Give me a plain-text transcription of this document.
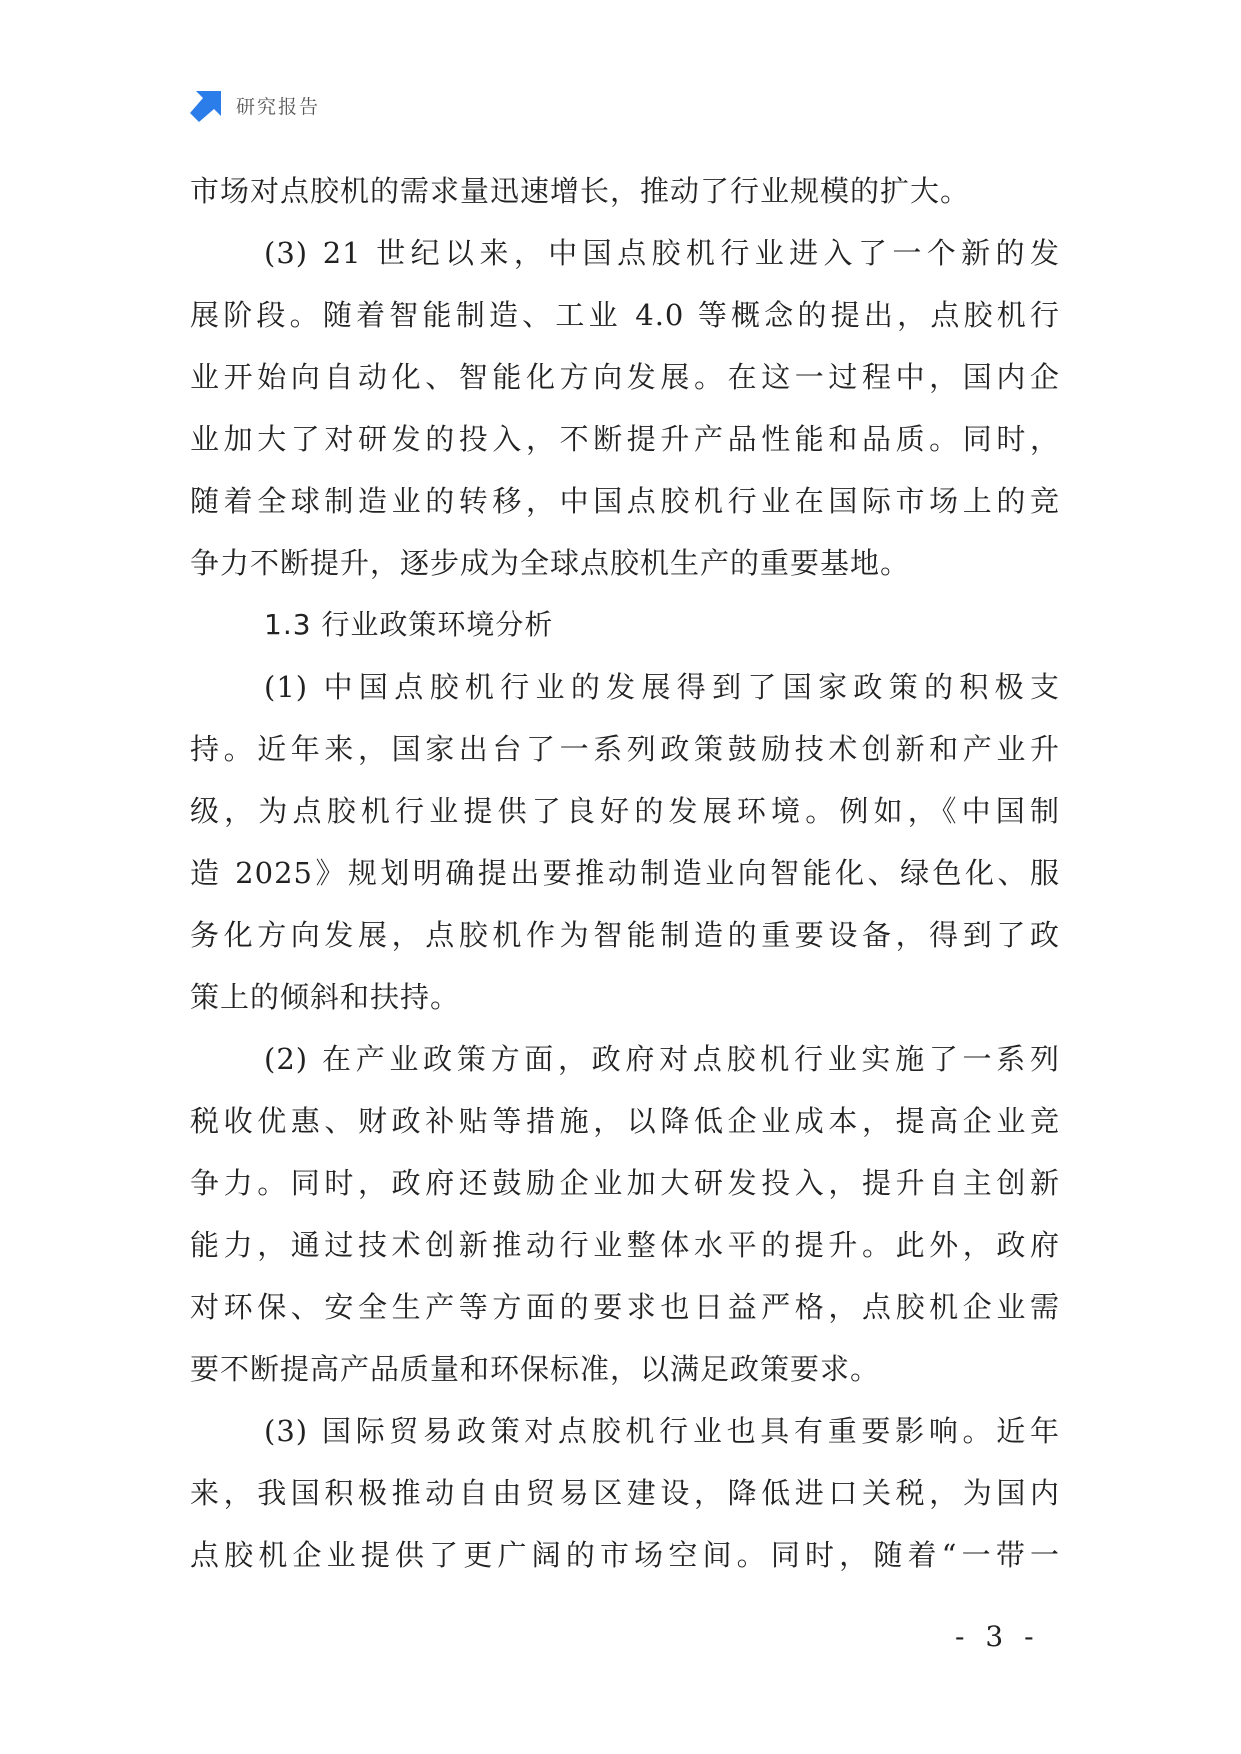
研究报告
市场对点胶机的需求量迅速增长，推动了行业规模的扩大。
(3) 21 世纪以来，中国点胶机行业进入了一个新的发
展阶段。随着智能制造、工业 4.0 等概念的提出，点胶机行
业开始向自动化、智能化方向发展。在这一过程中，国内企
业加大了对研发的投入，不断提升产品性能和品质。同时，
随着全球制造业的转移，中国点胶机行业在国际市场上的竞
争力不断提升，逐步成为全球点胶机生产的重要基地。
1.3 行业政策环境分析
(1) 中国点胶机行业的发展得到了国家政策的积极支
持。近年来，国家出台了一系列政策鼓励技术创新和产业升
级，为点胶机行业提供了良好的发展环境。例如，《中国制
造 2025》规划明确提出要推动制造业向智能化、绿色化、服
务化方向发展，点胶机作为智能制造的重要设备，得到了政
策上的倾斜和扶持。
(2) 在产业政策方面，政府对点胶机行业实施了一系列
税收优惠、财政补贴等措施，以降低企业成本，提高企业竞
争力。同时，政府还鼓励企业加大研发投入，提升自主创新
能力，通过技术创新推动行业整体水平的提升。此外，政府
对环保、安全生产等方面的要求也日益严格，点胶机企业需
要不断提高产品质量和环保标准，以满足政策要求。
(3) 国际贸易政策对点胶机行业也具有重要影响。近年
来，我国积极推动自由贸易区建设，降低进口关税，为国内
点胶机企业提供了更广阔的市场空间。同时，随着“一带一
- 3 -
